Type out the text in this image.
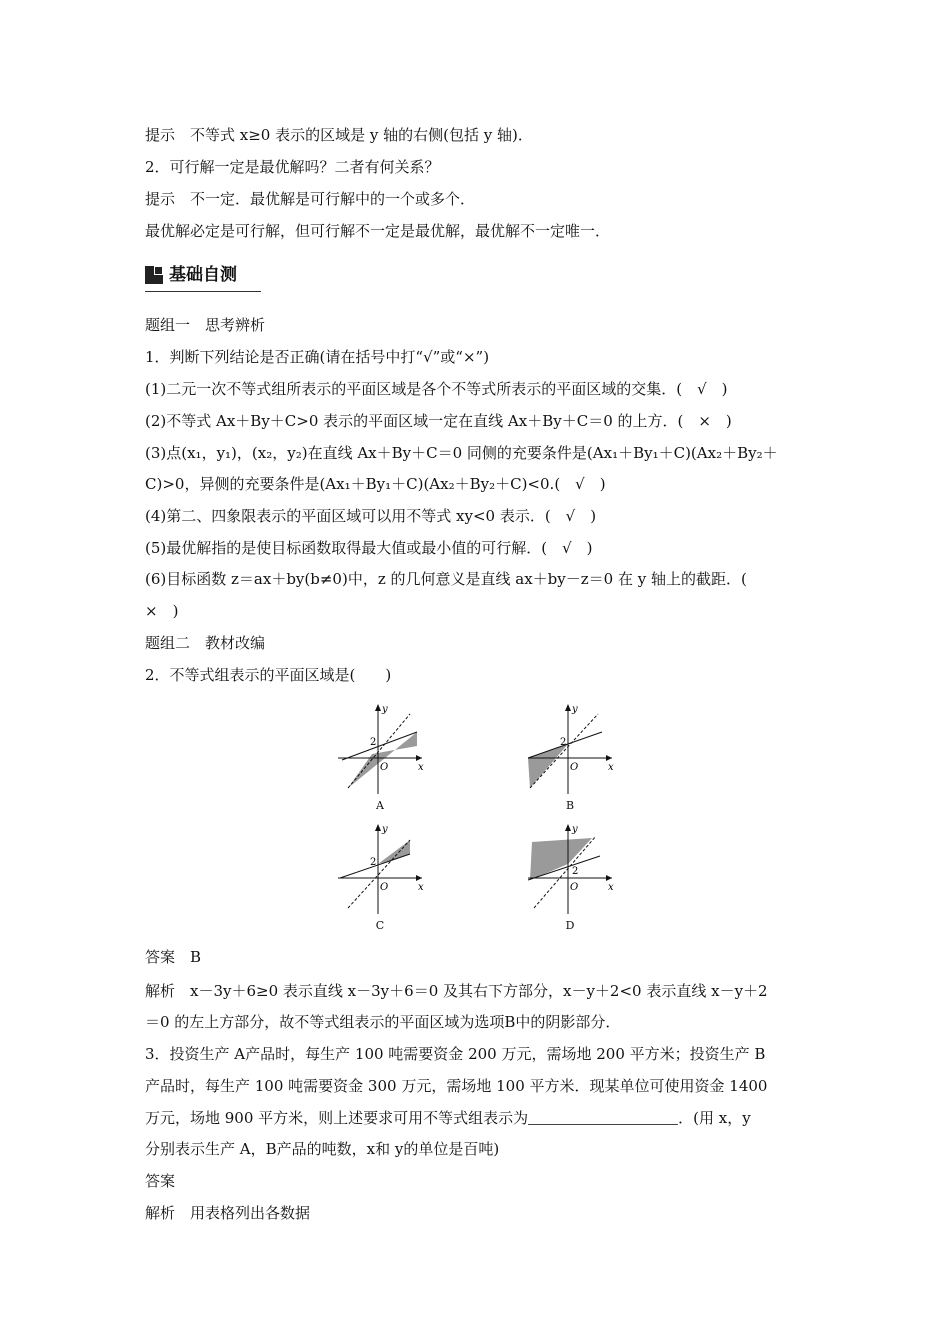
提示　不等式 x≥0 表示的区域是 y 轴的右侧(包括 y 轴)．
2．可行解一定是最优解吗？二者有何关系？
提示　不一定．最优解是可行解中的一个或多个．
最优解必定是可行解，但可行解不一定是最优解，最优解不一定唯一．
基础自测
题组一　思考辨析
1．判断下列结论是否正确(请在括号中打“√”或“×”)
(1)二元一次不等式组所表示的平面区域是各个不等式所表示的平面区域的交集．(　√　)
(2)不等式 Ax＋By＋C>0 表示的平面区域一定在直线 Ax＋By＋C＝0 的上方．(　×　)
(3)点(x₁，y₁)，(x₂，y₂)在直线 Ax＋By＋C＝0 同侧的充要条件是(Ax₁＋By₁＋C)(Ax₂＋By₂＋
C)>0，异侧的充要条件是(Ax₁＋By₁＋C)(Ax₂＋By₂＋C)<0.(　√　)
(4)第二、四象限表示的平面区域可以用不等式 xy<0 表示．(　√　)
(5)最优解指的是使目标函数取得最大值或最小值的可行解．(　√　)
(6)目标函数 z＝ax＋by(b≠0)中，z 的几何意义是直线 ax＋by－z＝0 在 y 轴上的截距．(
×　)
题组二　教材改编
2．不等式组表示的平面区域是(　　)
x
y
O
2
A
x
y
O
2
B
x
y
O
2
C
x
y
O
2
D
答案　B
解析　x－3y＋6≥0 表示直线 x－3y＋6＝0 及其右下方部分，x－y＋2<0 表示直线 x－y＋2
＝0 的左上方部分，故不等式组表示的平面区域为选项B中的阴影部分．
3．投资生产 A产品时，每生产 100 吨需要资金 200 万元，需场地 200 平方米；投资生产 B
产品时，每生产 100 吨需要资金 300 万元，需场地 100 平方米．现某单位可使用资金 1400
万元，场地 900 平方米，则上述要求可用不等式组表示为	．(用 x，y
分别表示生产 A，B产品的吨数，x和 y的单位是百吨)
答案
解析　用表格列出各数据
